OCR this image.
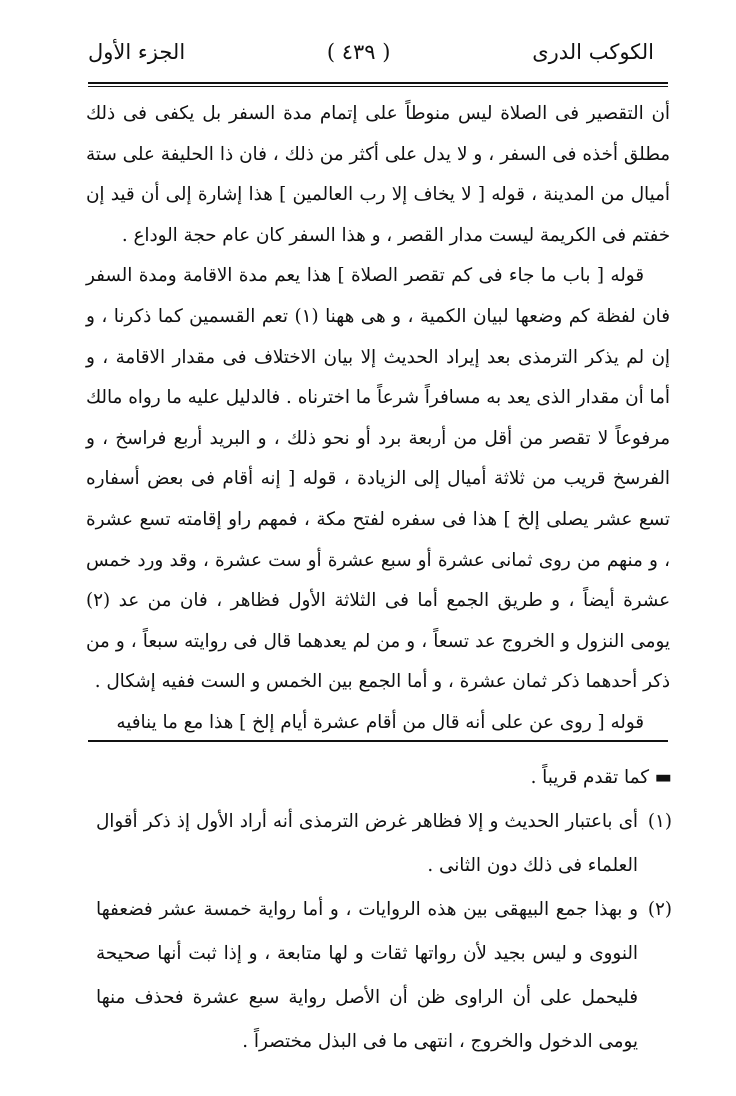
الكوكب الدرى
( ٤٣٩ )
الجزء الأول

أن التقصير فى الصلاة ليس منوطاً على إتمام مدة السفر بل يكفى فى ذلك مطلق أخذه فى السفر ، و لا يدل على أكثر من ذلك ، فان ذا الحليفة على ستة أميال من المدينة ، قوله [ لا يخاف إلا رب العالمين ] هذا إشارة إلى أن قيد إن خفتم فى الكريمة ليست مدار القصر ، و هذا السفر كان عام حجة الوداع .

قوله [ باب ما جاء فى كم تقصر الصلاة ] هذا يعم مدة الاقامة ومدة السفر فان لفظة كم وضعها لبيان الكمية ، و هى ههنا (١) تعم القسمين كما ذكرنا ، و إن لم يذكر الترمذى بعد إيراد الحديث إلا بيان الاختلاف فى مقدار الاقامة ، و أما أن مقدار الذى يعد به مسافراً شرعاً ما اخترناه . فالدليل عليه ما رواه مالك مرفوعاً لا تقصر من أقل من أربعة برد أو نحو ذلك ، و البريد أربع فراسخ ، و الفرسخ قريب من ثلاثة أميال إلى الزيادة ، قوله [ إنه أقام فى بعض أسفاره تسع عشر يصلى إلخ ] هذا فى سفره لفتح مكة ، فمهم راو إقامته تسع عشرة ، و منهم من روى ثمانى عشرة أو سبع عشرة أو ست عشرة ، وقد ورد خمس عشرة أيضاً ، و طريق الجمع أما فى الثلاثة الأول فظاهر ، فان من عد (٢) يومى النزول و الخروج عد تسعاً ، و من لم يعدهما قال فى روايته سبعاً ، و من ذكر أحدهما ذكر ثمان عشرة ، و أما الجمع بين الخمس و الست ففيه إشكال .

قوله [ روى عن على أنه قال من أقام عشرة أيام إلخ ] هذا مع ما ينافيه

▬ كما تقدم قريباً .

(١)
أى باعتبار الحديث و إلا فظاهر غرض الترمذى أنه أراد الأول إذ ذكر أقوال العلماء فى ذلك دون الثانى .
(٢)
و بهذا جمع البيهقى بين هذه الروايات ، و أما رواية خمسة عشر فضعفها النووى و ليس بجيد لأن رواتها ثقات و لها متابعة ، و إذا ثبت أنها صحيحة فليحمل على أن الراوى ظن أن الأصل رواية سبع عشرة فحذف منها يومى الدخول والخروج ، انتهى ما فى البذل مختصراً .
